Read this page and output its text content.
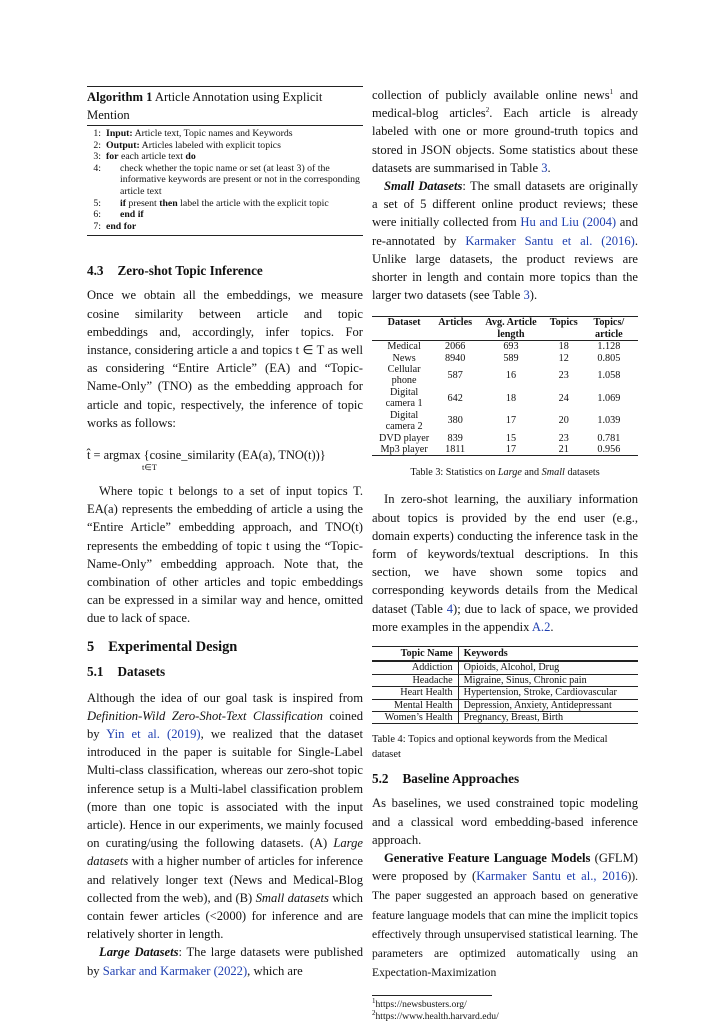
Algorithm 1 Article Annotation using Explicit Mention
1: Input: Article text, Topic names and Keywords
2: Output: Articles labeled with explicit topics
3: for each article text do
4:	check whether the topic name or set (at least 3) of the informative keywords are present or not in the corresponding article text
5:	if present then label the article with the explicit topic
6:	end if
7: end for
4.3 Zero-shot Topic Inference

Once we obtain all the embeddings, we measure cosine similarity between article and topic embeddings and, accordingly, infer topics. For instance, considering article a and topics t ∈ T as well as considering “Entire Article” (EA) and “Topic-Name-Only” (TNO) as the embedding approach for article and topic, respectively, the inference of topic works as follows:

t̂ = argmax {cosine_similarity (EA(a), TNO(t))}
t∈T

Where topic t belongs to a set of input topics T. EA(a) represents the embedding of article a using the “Entire Article” embedding approach, and TNO(t) represents the embedding of topic t using the “Topic-Name-Only” embedding approach. Note that, the combination of other articles and topic embeddings can be expressed in a similar way and hence, omitted due to lack of space.

5 Experimental Design
5.1 Datasets

Although the idea of our goal task is inspired from Definition-Wild Zero-Shot-Text Classification coined by Yin et al. (2019), we realized that the dataset introduced in the paper is suitable for Single-Label Multi-class classification, whereas our zero-shot topic inference setup is a Multi-label classification problem (more than one topic is associated with the input article). Hence in our experiments, we mainly focused on curating/using the following datasets. (A) Large datasets with a higher number of articles for inference and relatively longer text (News and Medical-Blog collected from the web), and (B) Small datasets which contain fewer articles (<2000) for inference and are relatively shorter in length.

Large Datasets: The large datasets were published by Sarkar and Karmaker (2022), which are

collection of publicly available online news$^1$ and medical-blog articles$^2$. Each article is already labeled with one or more ground-truth topics and stored in JSON objects. Some statistics about these datasets are summarised in Table 3.

Small Datasets: The small datasets are originally a set of 5 different online product reviews; these were initially collected from Hu and Liu (2004) and re-annotated by Karmaker Santu et al. (2016). Unlike large datasets, the product reviews are shorter in length and contain more topics than the larger two datasets (see Table 3).

Dataset	Articles	Avg. Article length	Topics	Topics/ article
Medical	2066	693	18	1.128
News	8940	589	12	0.805
Cellular phone	587	16	23	1.058
Digital camera 1	642	18	24	1.069
Digital camera 2	380	17	20	1.039
DVD player	839	15	23	0.781
Mp3 player	1811	17	21	0.956
Table 3: Statistics on Large and Small datasets

In zero-shot learning, the auxiliary information about topics is provided by the end user (e.g., domain experts) conducting the inference task in the form of keywords/textual descriptions. In this section, we have shown some topics and corresponding keywords details from the Medical dataset (Table 4); due to lack of space, we provided more examples in the appendix A.2.

Topic Name	Keywords
Addiction	Opioids, Alcohol, Drug
Headache	Migraine, Sinus, Chronic pain
Heart Health	Hypertension, Stroke, Cardiovascular
Mental Health	Depression, Anxiety, Antidepressant
Women’s Health	Pregnancy, Breast, Birth
Table 4: Topics and optional keywords from the Medical dataset
5.2 Baseline Approaches

As baselines, we used constrained topic modeling and a classical word embedding-based inference approach.

Generative Feature Language Models (GFLM) were proposed by (Karmaker Santu et al., 2016)). The paper suggested an approach based on generative feature language models that can mine the implicit topics effectively through unsupervised statistical learning. The parameters are optimized automatically using an Expectation-Maximization

$^1$https://newsbusters.org/
$^2$https://www.health.harvard.edu/
